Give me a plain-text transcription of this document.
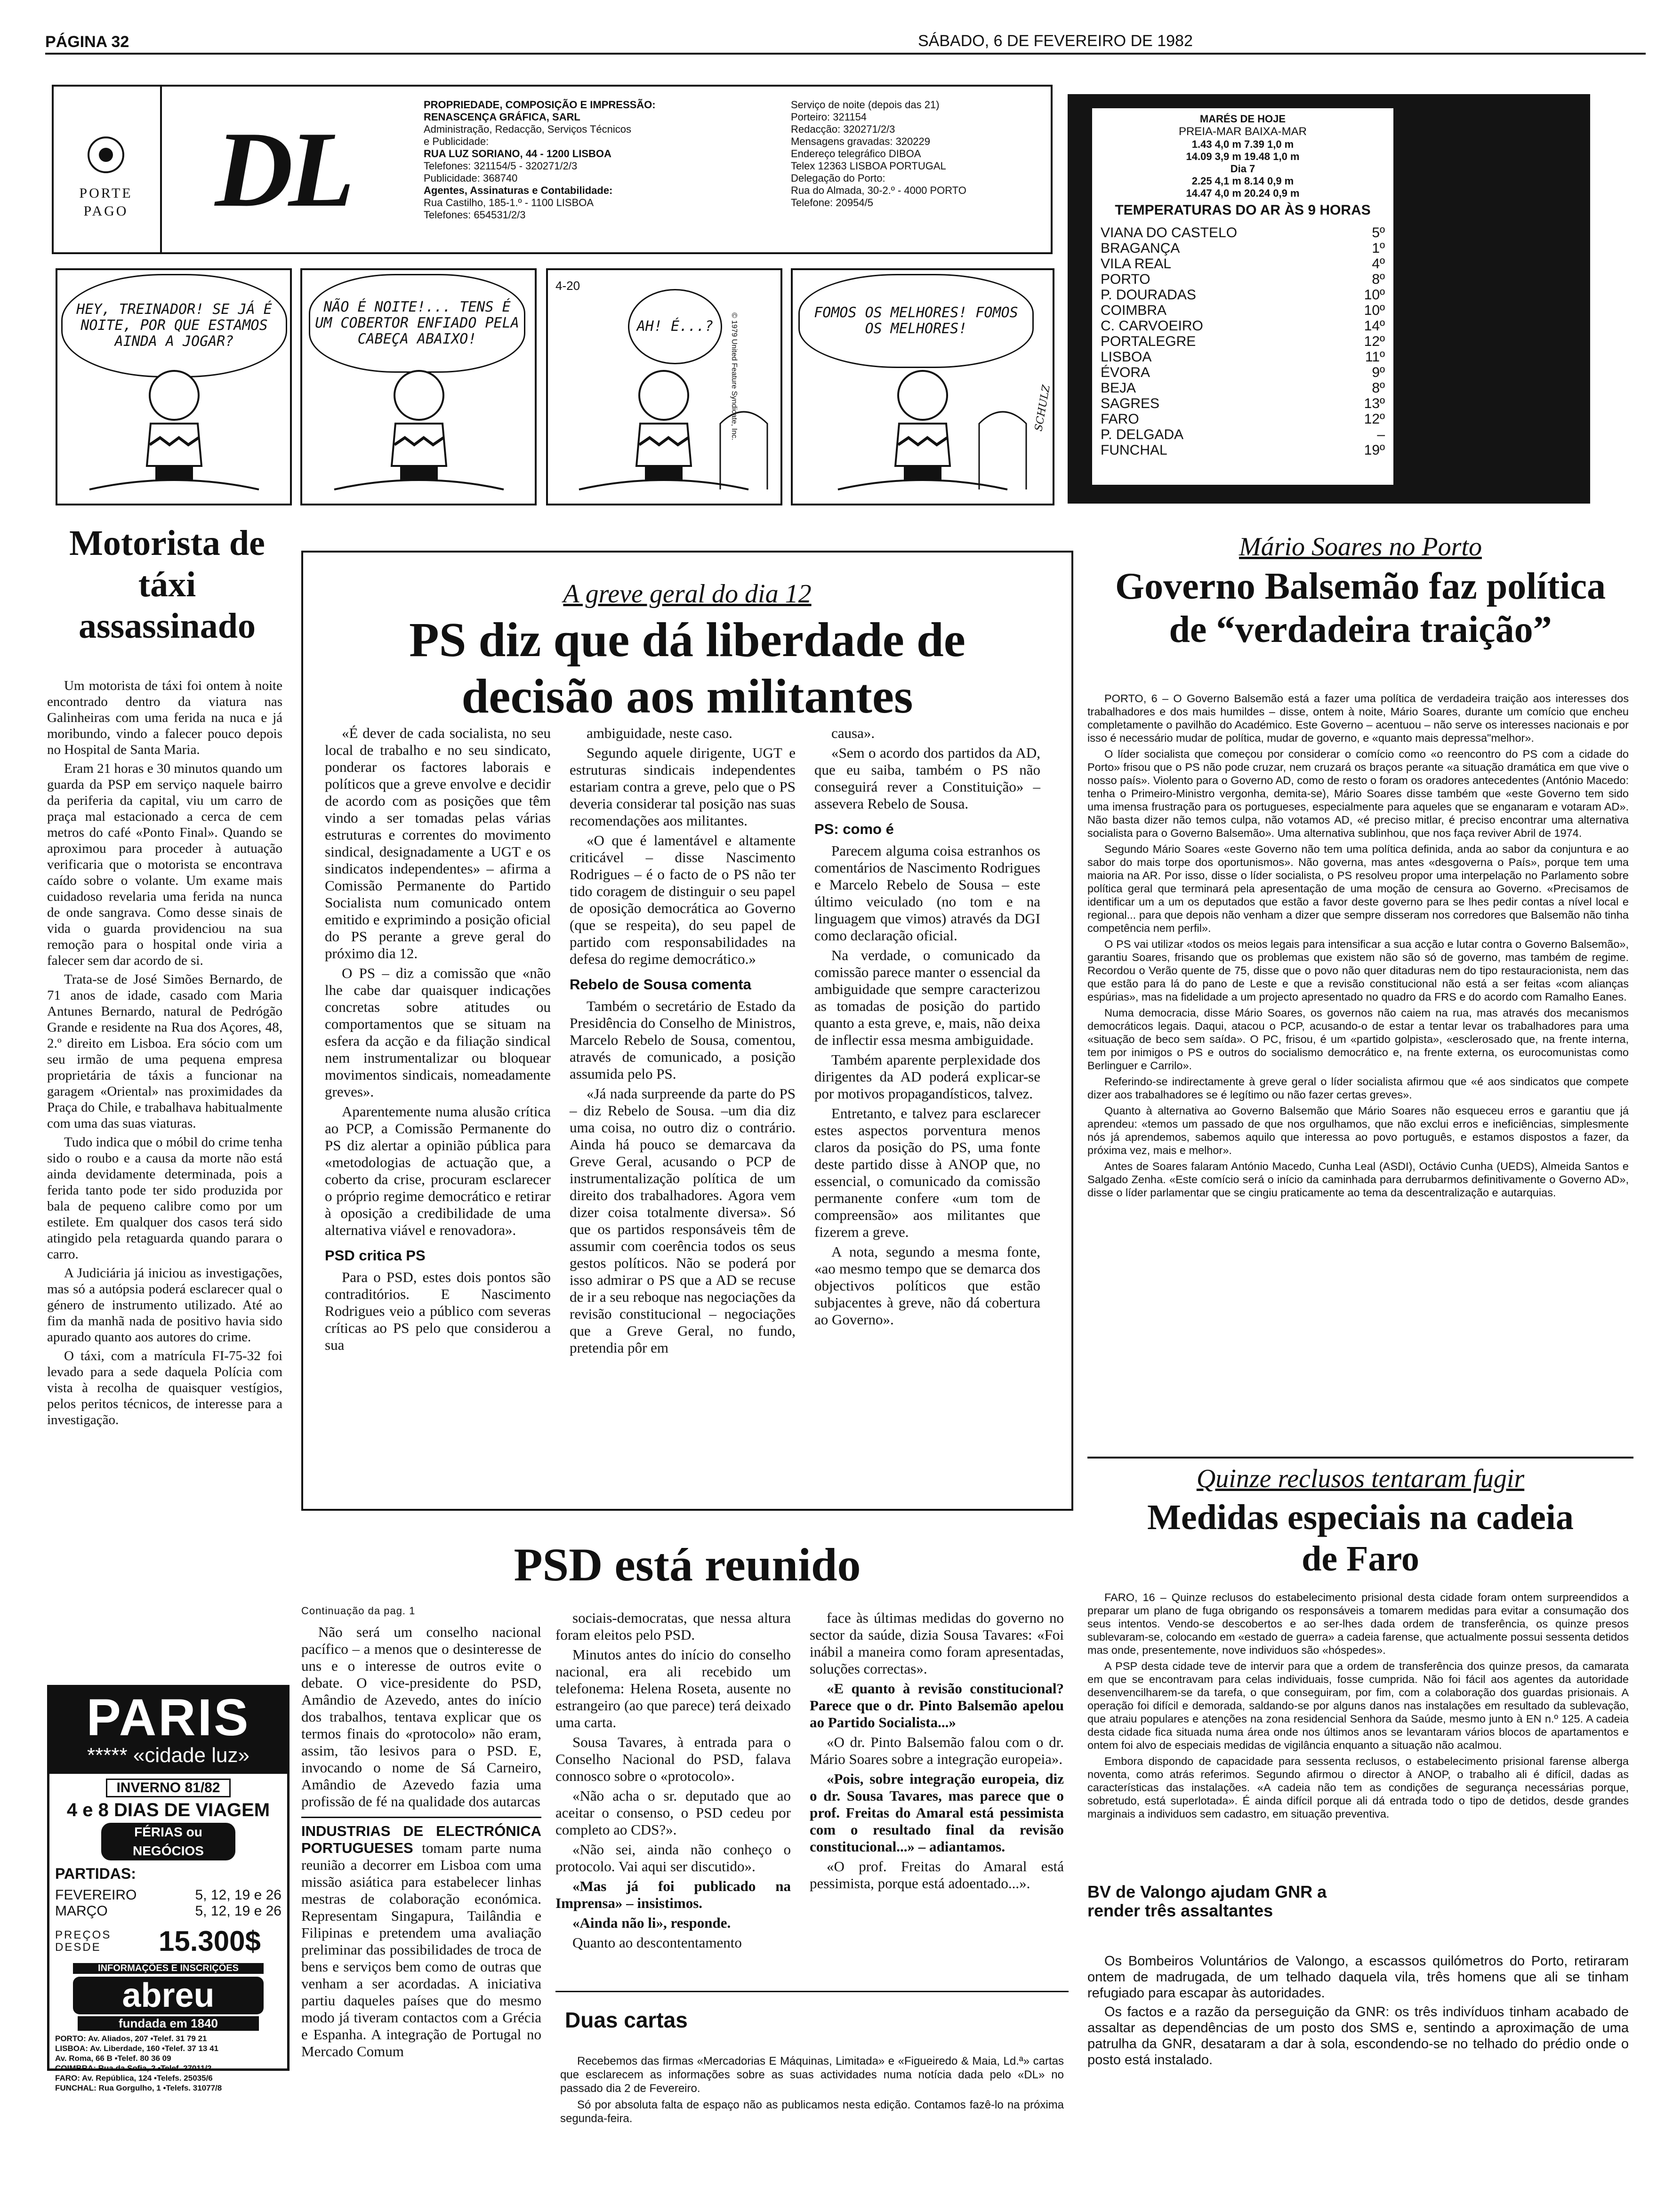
PÁGINA 32	SÁBADO, 6 DE FEVEREIRO DE 1982
PORTE PAGO DL
PROPRIEDADE, COMPOSIÇÃO E IMPRESSÃO:
RENASCENÇA GRÁFICA, SARL
Administração, Redacção, Serviços Técnicos
e Publicidade:
RUA LUZ SORIANO, 44 - 1200 LISBOA
Telefones: 321154/5 - 320271/2/3
Publicidade: 368740
Agentes, Assinaturas e Contabilidade:
Rua Castilho, 185-1.º - 1100 LISBOA
Telefones: 654531/2/3
Serviço de noite (depois das 21)
Porteiro: 321154
Redacção: 320271/2/3
Mensagens gravadas: 320229
Endereço telegráfico DIBOA
Telex 12363 LISBOA PORTUGAL
Delegação do Porto:
Rua do Almada, 30-2.º - 4000 PORTO
Telefone: 20954/5
MARÉS DE HOJE
PREIA-MAR BAIXA-MAR
1.43 4,0 m 7.39 1,0 m
14.09 3,9 m 19.48 1,0 m
Dia 7
2.25 4,1 m 8.14 0,9 m
14.47 4,0 m 20.24 0,9 m
TEMPERATURAS DO AR ÀS 9 HORAS
VIANA DO CASTELO	5º
BRAGANÇA	1º
VILA REAL	4º
PORTO	8º
P. DOURADAS	10º
COIMBRA	10º
C. CARVOEIRO	14º
PORTALEGRE	12º
LISBOA	11º
ÉVORA	9º
BEJA	8º
SAGRES	13º
FARO	12º
P. DELGADA	–
FUNCHAL	19º
HEY, TREINADOR! SE JÁ É NOITE, POR QUE ESTAMOS AINDA A JOGAR?
NÃO É NOITE!... TENS É UM COBERTOR ENFIADO PELA CABEÇA ABAIXO!
4-20
AH! É...?	© 1979 United Feature Syndicate, Inc.	FOMOS OS MELHORES! FOMOS OS MELHORES!
SCHULZ
Motorista de táxi assassinado

Um motorista de táxi foi ontem à noite encontrado dentro da viatura nas Galinheiras com uma ferida na nuca e já moribundo, vindo a falecer pouco depois no Hospital de Santa Maria.

Eram 21 horas e 30 minutos quando um guarda da PSP em serviço naquele bairro da periferia da capital, viu um carro de praça mal estacionado a cerca de cem metros do café «Ponto Final». Quando se aproximou para proceder à autuação verificaria que o motorista se encontrava caído sobre o volante. Um exame mais cuidadoso revelaria uma ferida na nunca de onde sangrava. Como desse sinais de vida o guarda providenciou na sua remoção para o hospital onde viria a falecer sem dar acordo de si.

Trata-se de José Simões Bernardo, de 71 anos de idade, casado com Maria Antunes Bernardo, natural de Pedrógão Grande e residente na Rua dos Açores, 48, 2.º direito em Lisboa. Era sócio com um seu irmão de uma pequena empresa proprietária de táxis a funcionar na garagem «Oriental» nas proximidades da Praça do Chile, e trabalhava habitualmente com uma das suas viaturas.

Tudo indica que o móbil do crime tenha sido o roubo e a causa da morte não está ainda devidamente determinada, pois a ferida tanto pode ter sido produzida por bala de pequeno calibre como por um estilete. Em qualquer dos casos terá sido atingido pela retaguarda quando parara o carro.

A Judiciária já iniciou as investigações, mas só a autópsia poderá esclarecer qual o género de instrumento utilizado. Até ao fim da manhã nada de positivo havia sido apurado quanto aos autores do crime.

O táxi, com a matrícula FI-75-32 foi levado para a sede daquela Polícia com vista à recolha de quaisquer vestígios, pelos peritos técnicos, de interesse para a investigação.

PARIS
***** «cidade luz»
INVERNO 81/82
4 e 8 DIAS DE VIAGEM
FÉRIAS ou NEGÓCIOS
PARTIDAS:
FEVEREIRO	5, 12, 19 e 26
MARÇO	5, 12, 19 e 26
PREÇOS DESDE	15.300$
INFORMAÇÕES E INSCRIÇÕES
abreu
fundada em 1840
PORTO: Av. Aliados, 207 •Telef. 31 79 21
LISBOA: Av. Liberdade, 160 •Telef. 37 13 41
Av. Roma, 66 B •Telef. 80 36 09
COIMBRA: Rua da Sofia, 2 •Telef. 27011/2
FARO: Av. República, 124 •Telefs. 25035/6
FUNCHAL: Rua Gorgulho, 1 •Telefs. 31077/8
A greve geral do dia 12
PS diz que dá liberdade de decisão aos militantes

«É dever de cada socialista, no seu local de trabalho e no seu sindicato, ponderar os factores laborais e políticos que a greve envolve e decidir de acordo com as posições que têm vindo a ser tomadas pelas várias estruturas e correntes do movimento sindical, designadamente a UGT e os sindicatos independentes» – afirma a Comissão Permanente do Partido Socialista num comunicado ontem emitido e exprimindo a posição oficial do PS perante a greve geral do próximo dia 12.

O PS – diz a comissão que «não lhe cabe dar quaisquer indicações concretas sobre atitudes ou comportamentos que se situam na esfera da acção e da filiação sindical nem instrumentalizar ou bloquear movimentos sindicais, nomeadamente greves».

Aparentemente numa alusão crítica ao PCP, a Comissão Permanente do PS diz alertar a opinião pública para «metodologias de actuação que, a coberto da crise, procuram esclarecer o próprio regime democrático e retirar à oposição a credibilidade de uma alternativa viável e renovadora».

PSD critica PS

Para o PSD, estes dois pontos são contraditórios. E Nascimento Rodrigues veio a público com severas críticas ao PS pelo que considerou a sua

ambiguidade, neste caso.

Segundo aquele dirigente, UGT e estruturas sindicais independentes estariam contra a greve, pelo que o PS deveria considerar tal posição nas suas recomendações aos militantes.

«O que é lamentável e altamente criticável – disse Nascimento Rodrigues – é o facto de o PS não ter tido coragem de distinguir o seu papel de oposição democrática ao Governo (que se respeita), do seu papel de partido com responsabilidades na defesa do regime democrático.»

Rebelo de Sousa comenta

Também o secretário de Estado da Presidência do Conselho de Ministros, Marcelo Rebelo de Sousa, comentou, através de comunicado, a posição assumida pelo PS.

«Já nada surpreende da parte do PS – diz Rebelo de Sousa. –um dia diz uma coisa, no outro diz o contrário. Ainda há pouco se demarcava da Greve Geral, acusando o PCP de instrumentalização política de um direito dos trabalhadores. Agora vem dizer coisa totalmente diversa». Só que os partidos responsáveis têm de assumir com coerência todos os seus gestos políticos. Não se poderá por isso admirar o PS que a AD se recuse de ir a seu reboque nas negociações da revisão constitucional – negociações que a Greve Geral, no fundo, pretendia pôr em

causa».

«Sem o acordo dos partidos da AD, que eu saiba, também o PS não conseguirá rever a Constituição» – assevera Rebelo de Sousa.

PS: como é

Parecem alguma coisa estranhos os comentários de Nascimento Rodrigues e Marcelo Rebelo de Sousa – este último veiculado (no tom e na linguagem que vimos) através da DGI como declaração oficial.

Na verdade, o comunicado da comissão parece manter o essencial da ambiguidade que sempre caracterizou as tomadas de posição do partido quanto a esta greve, e, mais, não deixa de inflectir essa mesma ambiguidade.

Também aparente perplexidade dos dirigentes da AD poderá explicar-se por motivos propagandísticos, talvez.

Entretanto, e talvez para esclarecer estes aspectos porventura menos claros da posição do PS, uma fonte deste partido disse à ANOP que, no essencial, o comunicado da comissão permanente confere «um tom de compreensão» aos militantes que fizerem a greve.

A nota, segundo a mesma fonte, «ao mesmo tempo que se demarca dos objectivos políticos que estão subjacentes à greve, não dá cobertura ao Governo».

Mário Soares no Porto
Governo Balsemão faz política de “verdadeira traição”

PORTO, 6 – O Governo Balsemão está a fazer uma política de verdadeira traição aos interesses dos trabalhadores e dos mais humildes – disse, ontem à noite, Mário Soares, durante um comício que encheu completamente o pavilhão do Académico. Este Governo – acentuou – não serve os interesses nacionais e por isso é necessário mudar de política, mudar de governo, e «quanto mais depressa"melhor».

O líder socialista que começou por considerar o comício como «o reencontro do PS com a cidade do Porto» frisou que o PS não pode cruzar, nem cruzará os braços perante «a situação dramática em que vive o nosso país». Violento para o Governo AD, como de resto o foram os oradores antecedentes (António Macedo: tenha o Primeiro-Ministro vergonha, demita-se), Mário Soares disse também que «este Governo tem sido uma imensa frustração para os portugueses, especialmente para aqueles que se enganaram e votaram AD». Não basta dizer não temos culpa, não votamos AD, «é preciso mitlar, é preciso encontrar uma alternativa socialista para o Governo Balsemão». Uma alternativa sublinhou, que nos faça reviver Abril de 1974.

Segundo Mário Soares «este Governo não tem uma política definida, anda ao sabor da conjuntura e ao sabor do mais torpe dos oportunismos». Não governa, mas antes «desgoverna o País», porque tem uma maioria na AR. Por isso, disse o líder socialista, o PS resolveu propor uma interpelação no Parlamento sobre política geral que terminará pela apresentação de uma moção de censura ao Governo. «Precisamos de identificar um a um os deputados que estão a favor deste governo para se lhes pedir contas a nível local e regional... para que depois não venham a dizer que sempre disseram nos corredores que Balsemão não tinha competência nem perfil».

O PS vai utilizar «todos os meios legais para intensificar a sua acção e lutar contra o Governo Balsemão», garantiu Soares, frisando que os problemas que existem não são só de governo, mas também de regime. Recordou o Verão quente de 75, disse que o povo não quer ditaduras nem do tipo restauracionista, nem das que estão para lá do pano de Leste e que a revisão constitucional não está a ser feitas «com alianças espúrias», mas na fidelidade a um projecto apresentado no quadro da FRS e do acordo com Ramalho Eanes.

Numa democracia, disse Mário Soares, os governos não caiem na rua, mas através dos mecanismos democráticos legais. Daqui, atacou o PCP, acusando-o de estar a tentar levar os trabalhadores para uma «situação de beco sem saída». O PC, frisou, é um «partido golpista», «esclerosado que, na frente interna, tem por inimigos o PS e outros do socialismo democrático e, na frente externa, os eurocomunistas como Berlinguer e Carrilo».

Referindo-se indirectamente à greve geral o líder socialista afirmou que «é aos sindicatos que compete dizer aos trabalhadores se é legítimo ou não fazer certas greves».

Quanto à alternativa ao Governo Balsemão que Mário Soares não esqueceu erros e garantiu que já aprendeu: «temos um passado de que nos orgulhamos, que não exclui erros e ineficiências, simplesmente nós já aprendemos, sabemos aquilo que interessa ao povo português, e estamos dispostos a fazer, da próxima vez, mais e melhor».

Antes de Soares falaram António Macedo, Cunha Leal (ASDI), Octávio Cunha (UEDS), Almeida Santos e Salgado Zenha. «Este comício será o início da caminhada para derrubarmos definitivamente o Governo AD», disse o líder parlamentar que se cingiu praticamente ao tema da descentralização e autarquias.

Quinze reclusos tentaram fugir
Medidas especiais na cadeia de Faro

FARO, 16 – Quinze reclusos do estabelecimento prisional desta cidade foram ontem surpreendidos a preparar um plano de fuga obrigando os responsáveis a tomarem medidas para evitar a consumação dos seus intentos. Vendo-se descobertos e ao ser-lhes dada ordem de transferência, os quinze presos sublevaram-se, colocando em «estado de guerra» a cadeia farense, que actualmente possui sessenta detidos mas onde, presentemente, nove individuos são «hóspedes».

A PSP desta cidade teve de intervir para que a ordem de transferência dos quinze presos, da camarata em que se encontravam para celas individuais, fosse cumprida. Não foi fácil aos agentes da autoridade desenvencilharem-se da tarefa, o que conseguiram, por fim, com a colaboração dos guardas prisionais. A operação foi difícil e demorada, saldando-se por alguns danos nas instalações em resultado da sublevação, que atraiu populares e atenções na zona residencial Senhora da Saúde, mesmo junto à EN n.º 125. A cadeia desta cidade fica situada numa área onde nos últimos anos se levantaram vários blocos de apartamentos e ontem foi alvo de especiais medidas de vigilância enquanto a situação não acalmou.

Embora dispondo de capacidade para sessenta reclusos, o estabelecimento prisional farense alberga noventa, como atrás referimos. Segundo afirmou o director à ANOP, o trabalho ali é difícil, dadas as características das instalações. «A cadeia não tem as condições de segurança necessárias porque, sobretudo, está superlotada». É ainda difícil porque ali dá entrada todo o tipo de detidos, desde grandes marginais a individuos sem cadastro, em situação preventiva.

BV de Valongo ajudam GNR a render três assaltantes

Os Bombeiros Voluntários de Valongo, a escassos quilómetros do Porto, retiraram ontem de madrugada, de um telhado daquela vila, três homens que ali se tinham refugiado para escapar às autoridades.

Os factos e a razão da perseguição da GNR: os três indivíduos tinham acabado de assaltar as dependências de um posto dos SMS e, sentindo a aproximação de uma patrulha da GNR, desataram a dar à sola, escondendo-se no telhado do prédio onde o posto está instalado.

PSD está reunido
Continuação da pag. 1

Não será um conselho nacional pacífico – a menos que o desinteresse de uns e o interesse de outros evite o debate. O vice-presidente do PSD, Amândio de Azevedo, antes do início dos trabalhos, tentava explicar que os termos finais do «protocolo» não eram, assim, tão lesivos para o PSD. E, invocando o nome de Sá Carneiro, Amândio de Azevedo fazia uma profissão de fé na qualidade dos autarcas

INDUSTRIAS DE ELECTRÓNICA PORTUGUESES tomam parte numa reunião a decorrer em Lisboa com uma missão asiática para estabelecer linhas mestras de colaboração económica. Representam Singapura, Tailândia e Filipinas e pretendem uma avaliação preliminar das possibilidades de troca de bens e serviços bem como de outras que venham a ser acordadas. A iniciativa partiu daqueles países que do mesmo modo já tiveram contactos com a Grécia e Espanha. A integração de Portugal no Mercado Comum

sociais-democratas, que nessa altura foram eleitos pelo PSD.

Minutos antes do início do conselho nacional, era ali recebido um telefonema: Helena Roseta, ausente no estrangeiro (ao que parece) terá deixado uma carta.

Sousa Tavares, à entrada para o Conselho Nacional do PSD, falava connosco sobre o «protocolo».

«Não acha o sr. deputado que ao aceitar o consenso, o PSD cedeu por completo ao CDS?».

«Não sei, ainda não conheço o protocolo. Vai aqui ser discutido».

«Mas já foi publicado na Imprensa» – insistimos.

«Ainda não li», responde.

Quanto ao descontentamento

face às últimas medidas do governo no sector da saúde, dizia Sousa Tavares: «Foi inábil a maneira como foram apresentadas, soluções correctas».

«E quanto à revisão constitucional? Parece que o dr. Pinto Balsemão apelou ao Partido Socialista...»

«O dr. Pinto Balsemão falou com o dr. Mário Soares sobre a integração europeia».

«Pois, sobre integração europeia, diz o dr. Sousa Tavares, mas parece que o prof. Freitas do Amaral está pessimista com o resultado final da revisão constitucional...» – adiantamos.

«O prof. Freitas do Amaral está pessimista, porque está adoentado...».

Duas cartas

Recebemos das firmas «Mercadorias E Máquinas, Limitada» e «Figueiredo & Maia, Ld.ª» cartas que esclarecem as informações sobre as suas actividades numa notícia dada pelo «DL» no passado dia 2 de Fevereiro.

Só por absoluta falta de espaço não as publicamos nesta edição. Contamos fazê-lo na próxima segunda-feira.
